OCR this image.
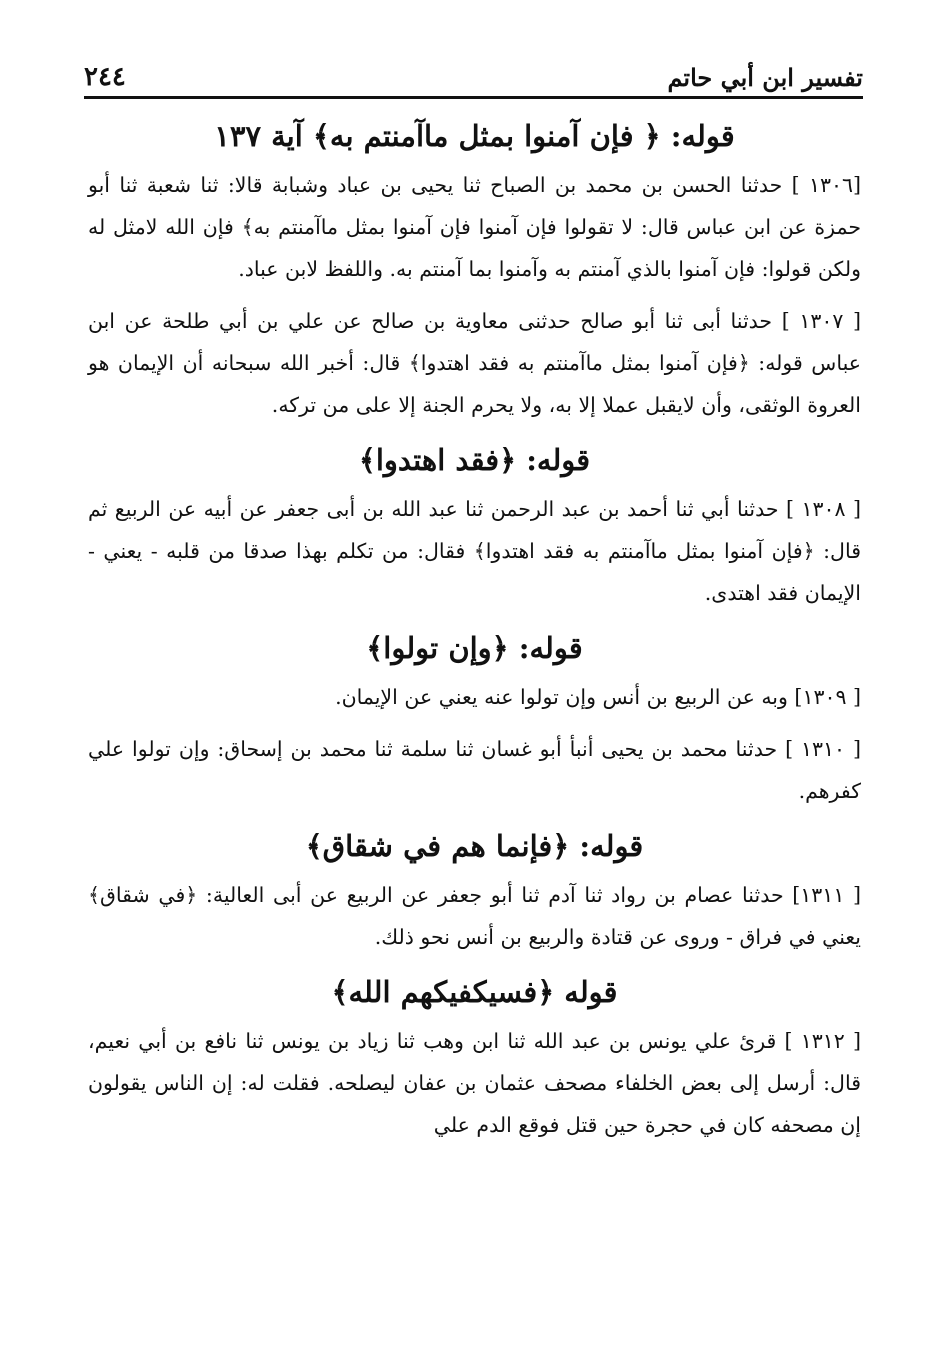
تفسير ابن أبي حاتم
٢٤٤
قوله: ﴿ فإن آمنوا بمثل ماآمنتم به﴾ آية ١٣٧

[١٣٠٦ ] حدثنا الحسن بن محمد بن الصباح ثنا يحيى بن عباد وشبابة قالا: ثنا شعبة ثنا أبو حمزة عن ابن عباس قال: لا تقولوا فإن آمنوا فإن آمنوا بمثل ماآمنتم به﴾ فإن الله لامثل له ولكن قولوا: فإن آمنوا بالذي آمنتم به وآمنوا بما آمنتم به. واللفظ لابن عباد.

[ ١٣٠٧ ] حدثنا أبى ثنا أبو صالح حدثنى معاوية بن صالح عن علي بن أبي طلحة عن ابن عباس قوله: ﴿فإن آمنوا بمثل ماآمنتم به فقد اهتدوا﴾ قال: أخبر الله سبحانه أن الإيمان هو العروة الوثقى، وأن لايقبل عملا إلا به، ولا يحرم الجنة إلا على من تركه.

قوله: ﴿فقد اهتدوا﴾

[ ١٣٠٨ ] حدثنا أبي ثنا أحمد بن عبد الرحمن ثنا عبد الله بن أبى جعفر عن أبيه عن الربيع ثم قال: ﴿فإن آمنوا بمثل ماآمنتم به فقد اهتدوا﴾ فقال: من تكلم بهذا صدقا من قلبه - يعني - الإيمان فقد اهتدى.

قوله: ﴿وإن تولوا﴾

[ ١٣٠٩] وبه عن الربيع بن أنس وإن تولوا عنه يعني عن الإيمان.

[ ١٣١٠ ] حدثنا محمد بن يحيى أنبأ أبو غسان ثنا سلمة ثنا محمد بن إسحاق: وإن تولوا علي كفرهم.

قوله: ﴿فإنما هم في شقاق﴾

[ ١٣١١] حدثنا عصام بن رواد ثنا آدم ثنا أبو جعفر عن الربيع عن أبى العالية: ﴿في شقاق﴾ يعني في فراق - وروى عن قتادة والربيع بن أنس نحو ذلك.

قوله ﴿فسيكفيكهم الله﴾

[ ١٣١٢ ] قرئ علي يونس بن عبد الله ثنا ابن وهب ثنا زياد بن يونس ثنا نافع بن أبي نعيم، قال: أرسل إلى بعض الخلفاء مصحف عثمان بن عفان ليصلحه. فقلت له: إن الناس يقولون إن مصحفه كان في حجرة حين قتل فوقع الدم علي
